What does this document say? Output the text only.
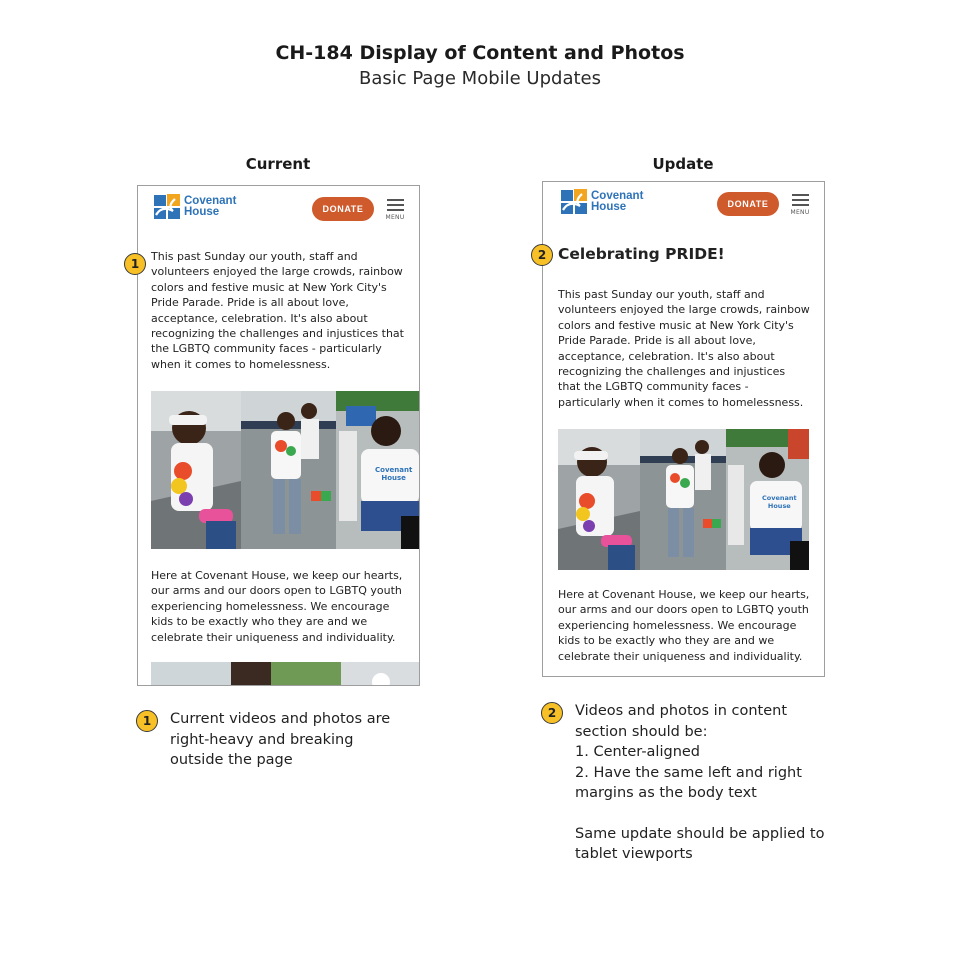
CH-184 Display of Content and Photos
Basic Page Mobile Updates
Current	Update
Covenant
House	DONATE
MENU
This past Sunday our youth, staff and volunteers enjoyed the large crowds, rainbow colors and festive music at New York City's Pride Parade. Pride is all about love, acceptance, celebration. It's also about recognizing the challenges and injustices that the LGBTQ community faces - particularly when it comes to homelessness.
Covenant
House
Here at Covenant House, we keep our hearts, our arms and our doors open to LGBTQ youth experiencing homelessness. We encourage kids to be exactly who they are and we celebrate their uniqueness and individuality.
1
Covenant
House	DONATE
MENU
Celebrating PRIDE!
This past Sunday our youth, staff and volunteers enjoyed the large crowds, rainbow colors and festive music at New York City's Pride Parade. Pride is all about love, acceptance, celebration. It's also about recognizing the challenges and injustices that the LGBTQ community faces - particularly when it comes to homelessness.
Covenant
House
Here at Covenant House, we keep our hearts, our arms and our doors open to LGBTQ youth experiencing homelessness. We encourage kids to be exactly who they are and we celebrate their uniqueness and individuality.
2
1	Current videos and photos are right-heavy and breaking outside the page
2	Videos and photos in content section should be:
1. Center-aligned
2. Have the same left and right margins as the body text
Same update should be applied to tablet viewports
